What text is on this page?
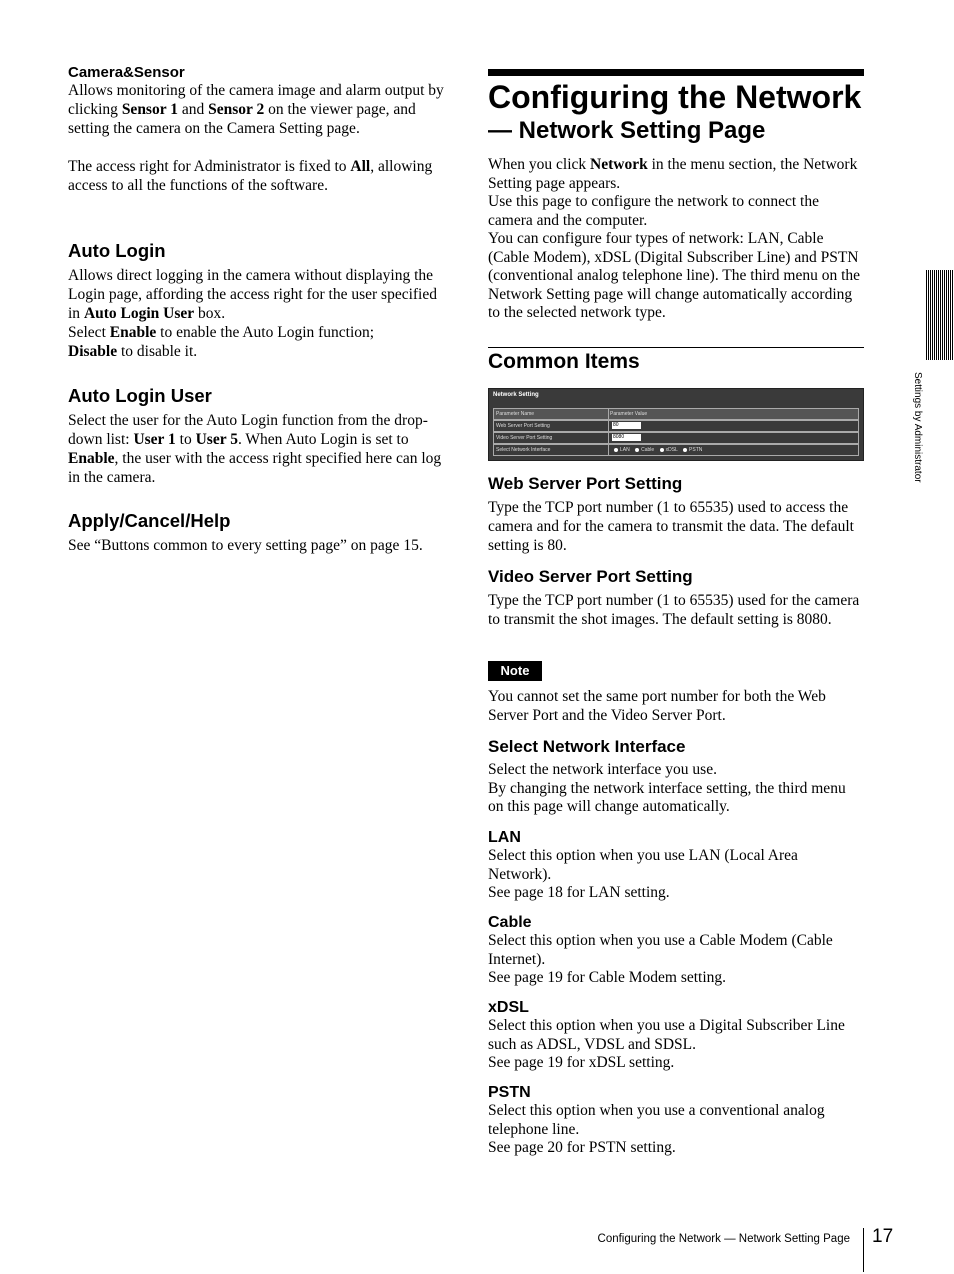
Camera&Sensor

Allows monitoring of the camera image and alarm output by clicking Sensor 1 and Sensor 2 on the viewer page, and setting the camera on the Camera Setting page.

The access right for Administrator is fixed to All, allowing access to all the functions of the software.

Auto Login

Allows direct logging in the camera without displaying the Login page, affording the access right for the user specified in Auto Login User box.

Select Enable to enable the Auto Login function;

Disable to disable it.

Auto Login User

Select the user for the Auto Login function from the drop-down list: User 1 to User 5. When Auto Login is set to Enable, the user with the access right specified here can log in the camera.

Apply/Cancel/Help

See “Buttons common to every setting page” on page 15.

Configuring the Network

— Network Setting Page

When you click Network in the menu section, the Network Setting page appears.

Use this page to configure the network to connect the camera and the computer.

You can configure four types of network: LAN, Cable (Cable Modem), xDSL (Digital Subscriber Line) and PSTN (conventional analog telephone line). The third menu on the Network Setting page will change automatically according to the selected network type.

Common Items

Network Setting
Parameter Name	Parameter Value
Web Server Port Setting	80
Video Server Port Setting	8080
Select Network Interface	LAN Cable xDSL PSTN

Web Server Port Setting

Type the TCP port number (1 to 65535) used to access the camera and for the camera to transmit the data. The default setting is 80.

Video Server Port Setting

Type the TCP port number (1 to 65535) used for the camera to transmit the shot images. The default setting is 8080.

Note

You cannot set the same port number for both the Web Server Port and the Video Server Port.

Select Network Interface

Select the network interface you use.

By changing the network interface setting, the third menu on this page will change automatically.

LAN

Select this option when you use LAN (Local Area Network).

See page 18 for LAN setting.

Cable

Select this option when you use a Cable Modem (Cable Internet).

See page 19 for Cable Modem setting.

xDSL

Select this option when you use a Digital Subscriber Line such as ADSL, VDSL and SDSL.

See page 19 for xDSL setting.

PSTN

Select this option when you use a conventional analog telephone line.

See page 20 for PSTN setting.

Settings by Administrator
Configuring the Network — Network Setting Page 17
